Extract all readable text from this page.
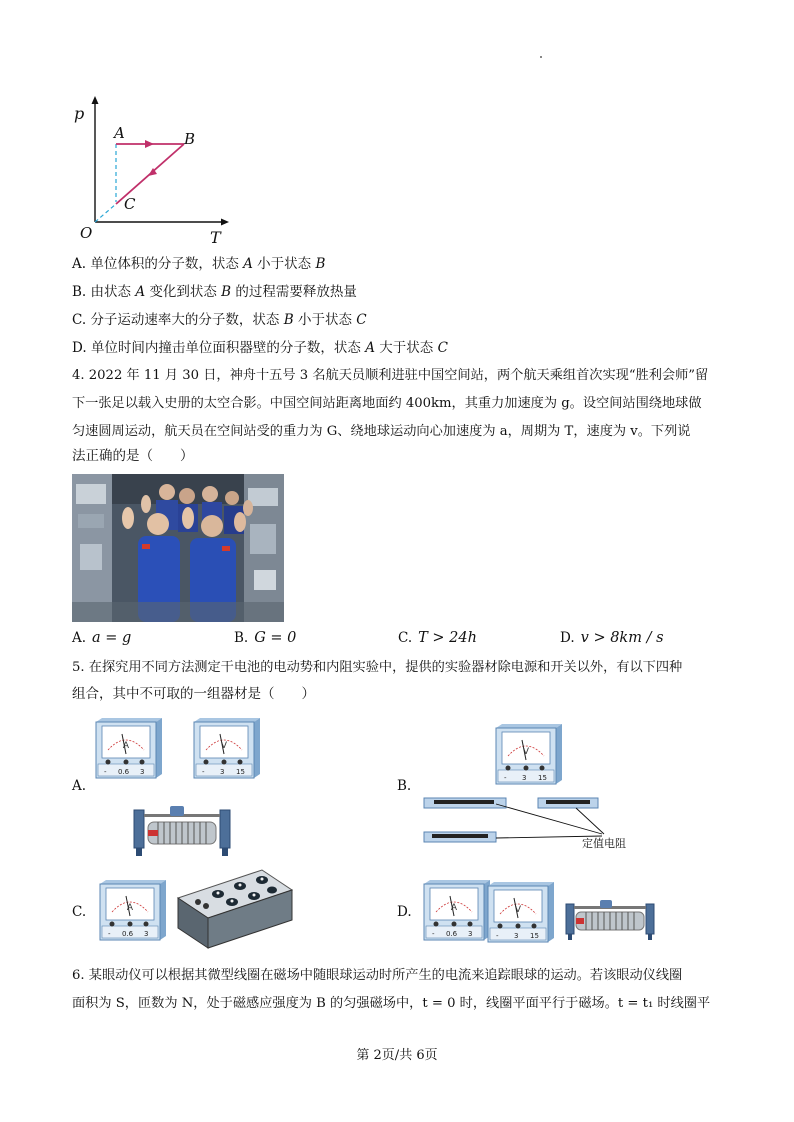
p
A	B
C
O	T
A. 单位体积的分子数，状态 A 小于状态 B
B. 由状态 A 变化到状态 B 的过程需要释放热量
C. 分子运动速率大的分子数，状态 B 小于状态 C
D. 单位时间内撞击单位面积器壁的分子数，状态 A 大于状态 C
4. 2022 年 11 月 30 日，神舟十五号 3 名航天员顺利进驻中国空间站，两个航天乘组首次实现“胜利会师”留
下一张足以载入史册的太空合影。中国空间站距离地面约 400km，其重力加速度为 g。设空间站围绕地球做
匀速圆周运动，航天员在空间站受的重力为 G、绕地球运动向心加速度为 a，周期为 T，速度为 v。下列说
法正确的是（　　）
A. a = g	B. G = 0	C. T > 24h	D. v > 8km / s
5. 在探究用不同方法测定干电池的电动势和内阻实验中，提供的实验器材除电源和开关以外，有以下四种
组合，其中不可取的一组器材是（　　）
A.	B.
C.	D.
A
- 0.6 3
V
- 3 15
V
- 3 15
定值电阻
A
- 0.6 3
A
- 0.6 3
V
- 3 15
6. 某眼动仪可以根据其微型线圈在磁场中随眼球运动时所产生的电流来追踪眼球的运动。若该眼动仪线圈
面积为 S，匝数为 N，处于磁感应强度为 B 的匀强磁场中，t = 0 时，线圈平面平行于磁场。t = t₁ 时线圈平
第 2页/共 6页
